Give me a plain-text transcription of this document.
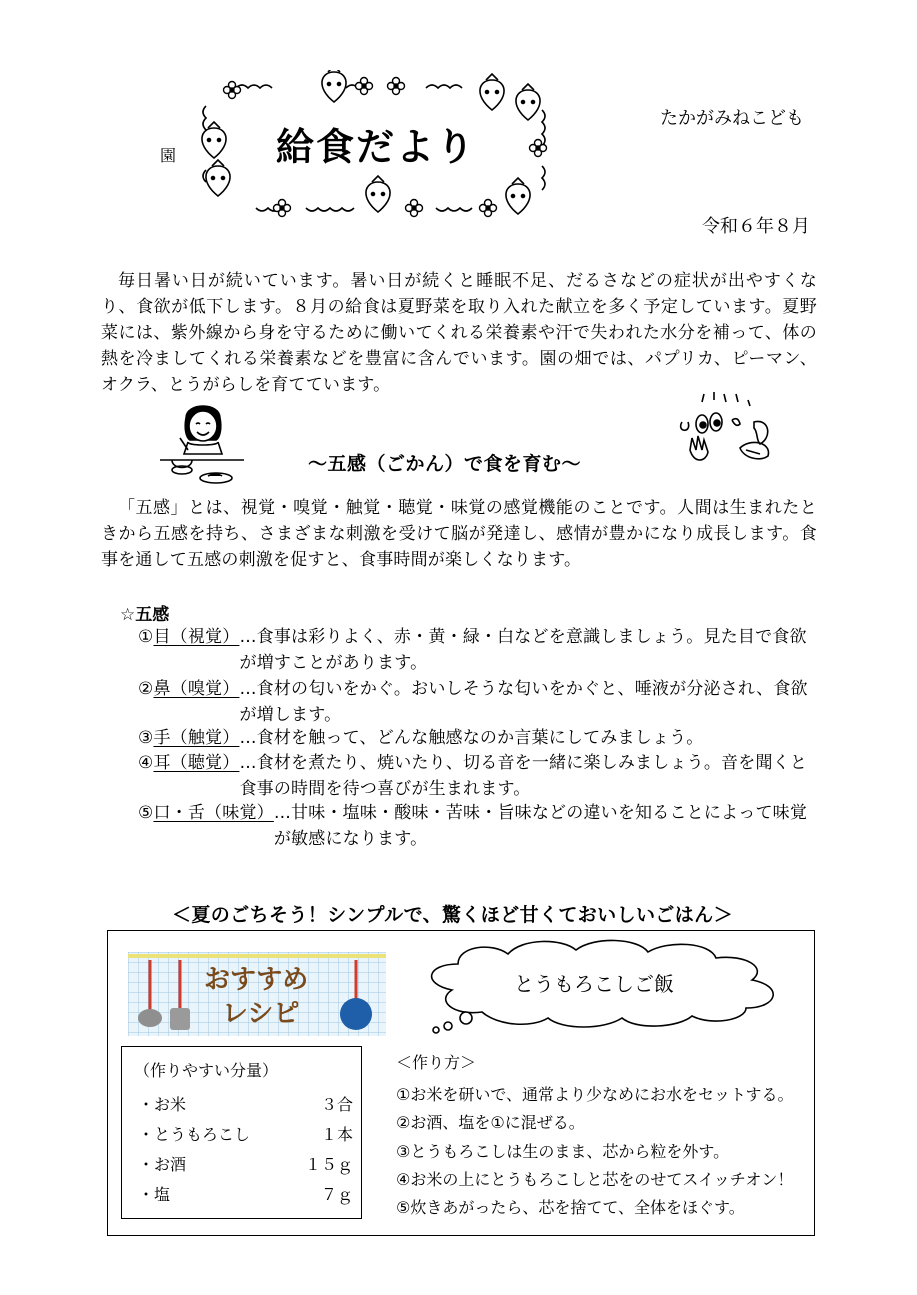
給食だより
園
たかがみねこども
令和６年８月
毎日暑い日が続いています。暑い日が続くと睡眠不足、だるさなどの症状が出やすくなり、食欲が低下します。８月の給食は夏野菜を取り入れた献立を多く予定しています。夏野菜には、紫外線から身を守るために働いてくれる栄養素や汗で失われた水分を補って、体の熱を冷ましてくれる栄養素などを豊富に含んでいます。園の畑では、パプリカ、ピーマン、オクラ、とうがらしを育てています。
～五感（ごかん）で食を育む～
「五感」とは、視覚・嗅覚・触覚・聴覚・味覚の感覚機能のことです。人間は生まれたときから五感を持ち、さまざまな刺激を受けて脳が発達し、感情が豊かになり成長します。食事を通して五感の刺激を促すと、食事時間が楽しくなります。
☆五感
①目（視覚） …食事は彩りよく、赤・黄・緑・白などを意識しましょう。見た目で食欲が増すことがあります。
②鼻（嗅覚） …食材の匂いをかぐ。おいしそうな匂いをかぐと、唾液が分泌され、食欲が増します。
③手（触覚） …食材を触って、どんな触感なのか言葉にしてみましょう。
④耳（聴覚） …食材を煮たり、焼いたり、切る音を一緒に楽しみましょう。音を聞くと食事の時間を待つ喜びが生まれます。
⑤口・舌（味覚） …甘味・塩味・酸味・苦味・旨味などの違いを知ることによって味覚が敏感になります。
＜夏のごちそう！シンプルで、驚くほど甘くておいしいごはん＞
おすすめ
レシピ
とうもろこしご飯
（作りやすい分量）
・お米	３合
・とうもろこし	１本
・お酒	１５ｇ
・塩	７ｇ
＜作り方＞
①お米を研いで、通常より少なめにお水をセットする。
②お酒、塩を①に混ぜる。
③とうもろこしは生のまま、芯から粒を外す。
④お米の上にとうもろこしと芯をのせてスイッチオン！
⑤炊きあがったら、芯を捨てて、全体をほぐす。
